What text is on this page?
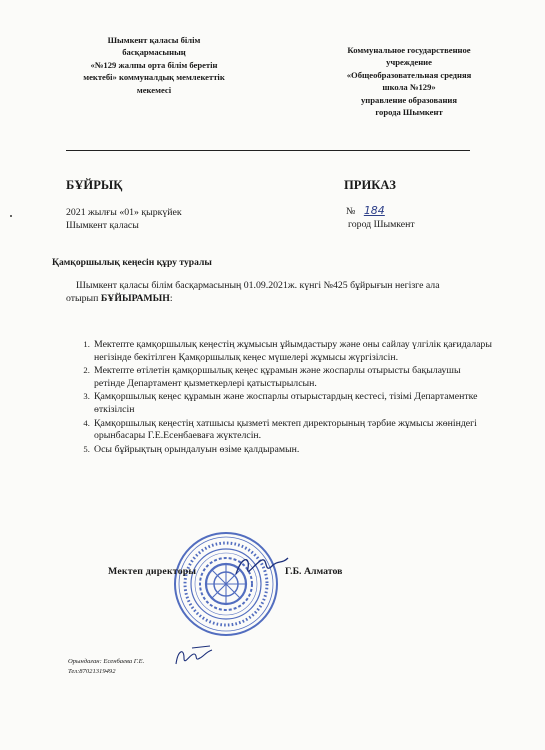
Шымкент қаласы білім
басқармасының
«№129 жалпы орта білім беретін
мектебі» коммуналдық мемлекеттік
мекемесі
Коммунальное государственное
учреждение
«Общеобразовательная средняя
школа №129»
управление образования
города Шымкент
БҰЙРЫҚ	ПРИКАЗ
2021 жылғы «01» қыркүйек
Шымкент қаласы
№ 184
город Шымкент
Қамқоршылық кеңесін құру туралы
Шымкент қаласы білім басқармасының 01.09.2021ж. күнгі №425 бұйрығын негізге ала отырып БҰЙЫРАМЫН:
1. Мектепте қамқоршылық кеңестің жұмысын ұйымдастыру және оны сайлау үлгілік қағидалары негізінде бекітілген Қамқоршылық кеңес мүшелері жұмысы жүргізілсін.
2. Мектепте өтілетін қамқоршылық кеңес құрамын және жоспарлы отырысты бақылаушы ретінде Департамент қызметкерлері қатыстырылсын.
3. Қамқоршылық кеңес құрамын және жоспарлы отырыстардың кестесі, тізімі Департаментке өткізілсін
4. Қамқоршылық кеңестің хатшысы қызметі мектеп директорының тәрбие жұмысы жөніндегі орынбасары Г.Е.Есенбаеваға жүктелсін.
5. Осы бұйрықтың орындалуын өзіме қалдырамын.
Мектеп директоры	Г.Б. Алматов
Орындаған: Есенбаева Г.Е.
Тел:87021319492
